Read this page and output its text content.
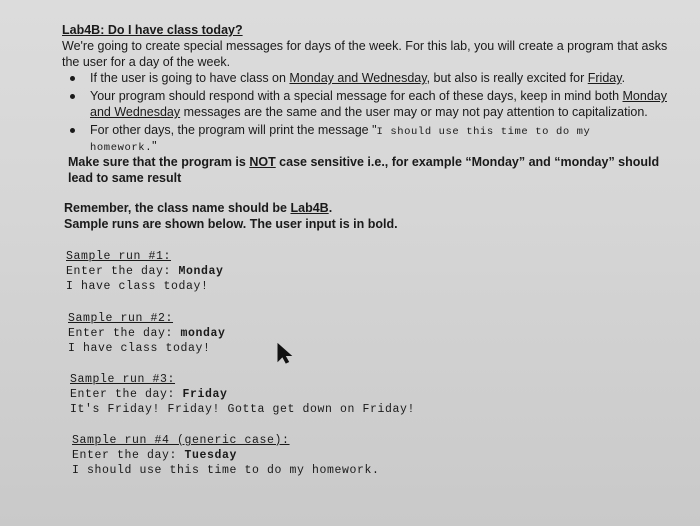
Lab4B: Do I have class today?
We're going to create special messages for days of the week. For this lab, you will create a program that asks
the user for a day of the week.
If the user is going to have class on Monday and Wednesday, but also is really excited for Friday.
Your program should respond with a special message for each of these days, keep in mind both Monday
and Wednesday messages are the same and the user may or may not pay attention to capitalization.
For other days, the program will print the message "I should use this time to do my
homework."
Make sure that the program is NOT case sensitive i.e., for example “Monday” and “monday” should
lead to same result
Remember, the class name should be Lab4B.
Sample runs are shown below. The user input is in bold.
Sample run #1:
Enter the day: Monday
I have class today!
Sample run #2:
Enter the day: monday
I have class today!
Sample run #3:
Enter the day: Friday
It's Friday! Friday! Gotta get down on Friday!
Sample run #4 (generic case):
Enter the day: Tuesday
I should use this time to do my homework.
